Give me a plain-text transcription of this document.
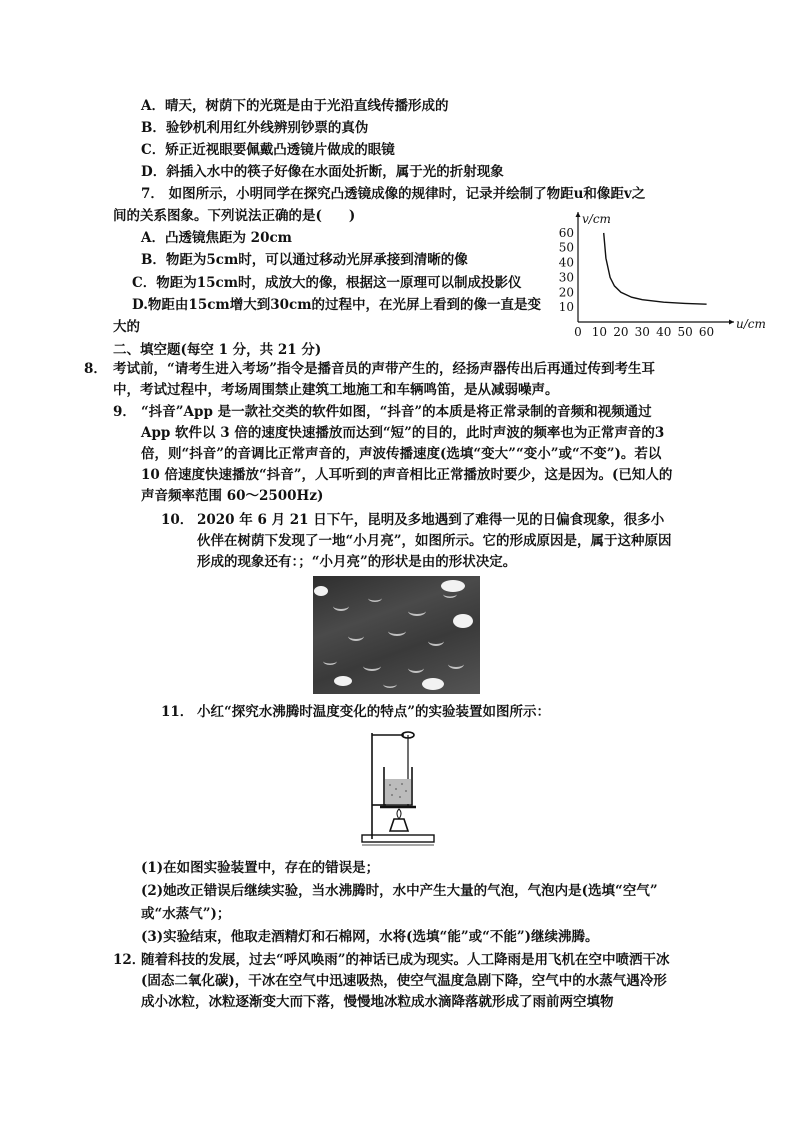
A．晴天，树荫下的光斑是由于光沿直线传播形成的
B．验钞机利用红外线辨别钞票的真伪
C．矫正近视眼要佩戴凸透镜片做成的眼镜
D．斜插入水中的筷子好像在水面处折断，属于光的折射现象
7． 如图所示，小明同学在探究凸透镜成像的规律时，记录并绘制了物距u和像距v之
间的关系图象。下列说法正确的是(　　)
A．凸透镜焦距为 20cm
B．物距为5cm时，可以通过移动光屏承接到清晰的像
C．物距为15cm时，成放大的像，根据这一原理可以制成投影仪
D.物距由15cm增大到30cm的过程中，在光屏上看到的像一直是变
大的	0 10 20 30 40 50 60
10
20
30
40
50
60
u/cm
v/cm
二、填空题(每空 1 分，共 21 分)
8． 考试前，“请考生进入考场”指令是播音员的声带产生的，经扬声器传出后再通过传到考生耳中，考试过程中，考场周围禁止建筑工地施工和车辆鸣笛，是从减弱噪声。
9． “抖音”App 是一款社交类的软件如图，“抖音”的本质是将正常录制的音频和视频通过 App 软件以 3 倍的速度快速播放而达到“短”的目的，此时声波的频率也为正常声音的3 倍，则“抖音”的音调比正常声音的，声波传播速度(选填“变大”“变小”或“不变”)。若以 10 倍速度快速播放“抖音”，人耳听到的声音相比正常播放时要少，这是因为。(已知人的声音频率范围 60～2500Hz)
10． 2020 年 6 月 21 日下午，昆明及多地遇到了难得一见的日偏食现象，很多小伙伴在树荫下发现了一地“小月亮”，如图所示。它的形成原因是，属于这种原因形成的现象还有：；“小月亮”的形状是由的形状决定。
11． 小红“探究水沸腾时温度变化的特点”的实验装置如图所示：
(1)在如图实验装置中，存在的错误是；
(2)她改正错误后继续实验，当水沸腾时，水中产生大量的气泡，气泡内是(选填“空气”
或“水蒸气”)；
(3)实验结束，他取走酒精灯和石棉网，水将(选填“能”或“不能”)继续沸腾。
12．
随着科技的发展，过去“呼风唤雨”的神话已成为现实。人工降雨是用飞机在空中喷洒干冰(固态二氧化碳)，干冰在空气中迅速吸热，使空气温度急剧下降，空气中的水蒸气遇冷形成小冰粒，冰粒逐渐变大而下落，慢慢地冰粒成水滴降落就形成了雨前两空填物
